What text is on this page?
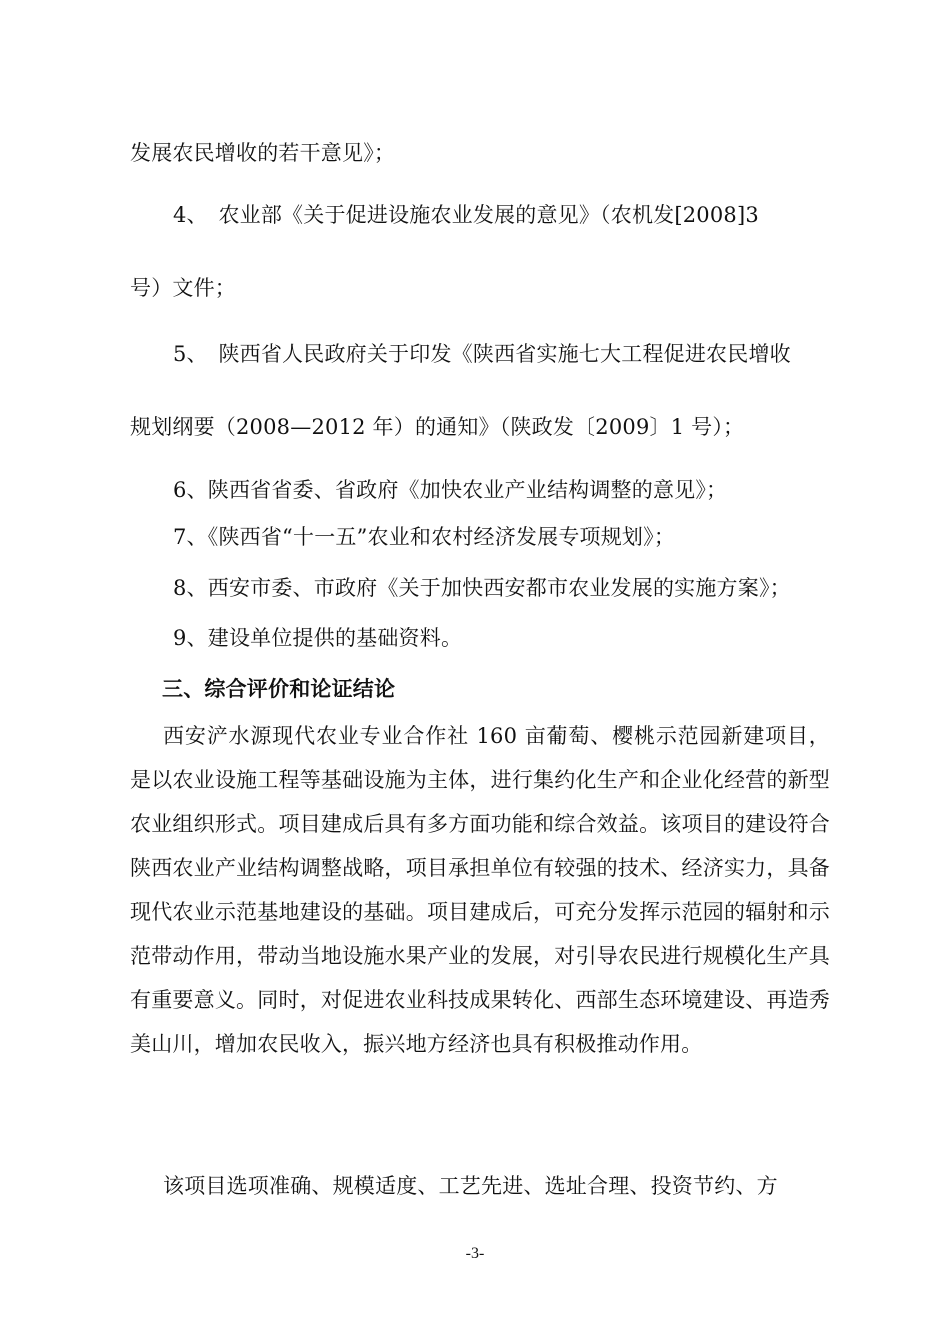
发展农民增收的若干意见》；
4、　农业部《关于促进设施农业发展的意见》（农机发[2008]3
号）文件；
5、　陕西省人民政府关于印发《陕西省实施七大工程促进农民增收
规划纲要（2008—2012 年）的通知》（陕政发〔2009〕1 号）；
6、陕西省省委、省政府《加快农业产业结构调整的意见》；
7、《陕西省“十一五”农业和农村经济发展专项规划》；
8、西安市委、市政府《关于加快西安都市农业发展的实施方案》；
9、建设单位提供的基础资料。
三、综合评价和论证结论
西安浐水源现代农业专业合作社 160 亩葡萄、樱桃示范园新建项目，是以农业设施工程等基础设施为主体，进行集约化生产和企业化经营的新型农业组织形式。项目建成后具有多方面功能和综合效益。该项目的建设符合陕西农业产业结构调整战略，项目承担单位有较强的技术、经济实力，具备现代农业示范基地建设的基础。项目建成后，可充分发挥示范园的辐射和示范带动作用，带动当地设施水果产业的发展，对引导农民进行规模化生产具有重要意义。同时，对促进农业科技成果转化、西部生态环境建设、再造秀美山川，增加农民收入，振兴地方经济也具有积极推动作用。
该项目选项准确、规模适度、工艺先进、选址合理、投资节约、方
-3-
